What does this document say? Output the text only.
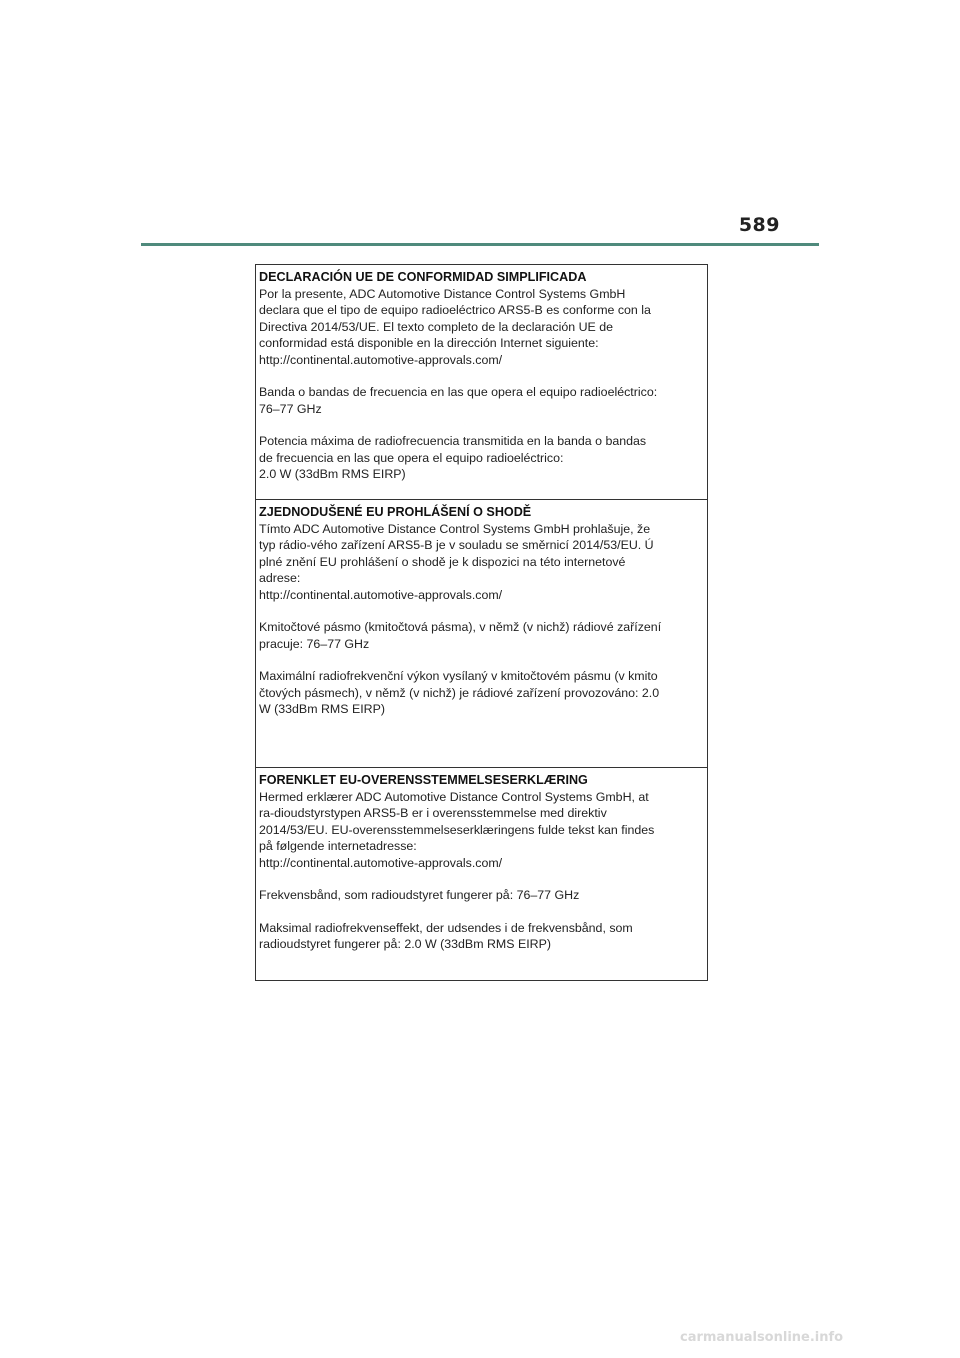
589
DECLARACIÓN UE DE CONFORMIDAD SIMPLIFICADA
Por la presente, ADC Automotive Distance Control Systems GmbH
declara que el tipo de equipo radioeléctrico ARS5-B es conforme con la
Directiva 2014/53/UE. El texto completo de la declaración UE de
conformidad está disponible en la dirección Internet siguiente:
http://continental.automotive-approvals.com/
Banda o bandas de frecuencia en las que opera el equipo radioeléctrico:
76–77 GHz
Potencia máxima de radiofrecuencia transmitida en la banda o bandas
de frecuencia en las que opera el equipo radioeléctrico:
2.0 W (33dBm RMS EIRP)
ZJEDNODUŠENÉ EU PROHLÁŠENÍ O SHODĚ
Tímto ADC Automotive Distance Control Systems GmbH prohlašuje, že
typ rádio-vého zařízení ARS5-B je v souladu se směrnicí 2014/53/EU. Ú
plné znění EU prohlášení o shodě je k dispozici na této internetové
adrese:
http://continental.automotive-approvals.com/
Kmitočtové pásmo (kmitočtová pásma), v němž (v nichž) rádiové zařízení
pracuje: 76–77 GHz
Maximální radiofrekvenční výkon vysílaný v kmitočtovém pásmu (v kmito
čtových pásmech), v němž (v nichž) je rádiové zařízení provozováno: 2.0
W (33dBm RMS EIRP)
FORENKLET EU-OVERENSSTEMMELSESERKLÆRING
Hermed erklærer ADC Automotive Distance Control Systems GmbH, at
ra-dioudstyrstypen ARS5-B er i overensstemmelse med direktiv
2014/53/EU. EU-overensstemmelseserklæringens fulde tekst kan findes
på følgende internetadresse:
http://continental.automotive-approvals.com/
Frekvensbånd, som radioudstyret fungerer på: 76–77 GHz
Maksimal radiofrekvenseffekt, der udsendes i de frekvensbånd, som
radioudstyret fungerer på: 2.0 W (33dBm RMS EIRP)
carmanualsonline.info
